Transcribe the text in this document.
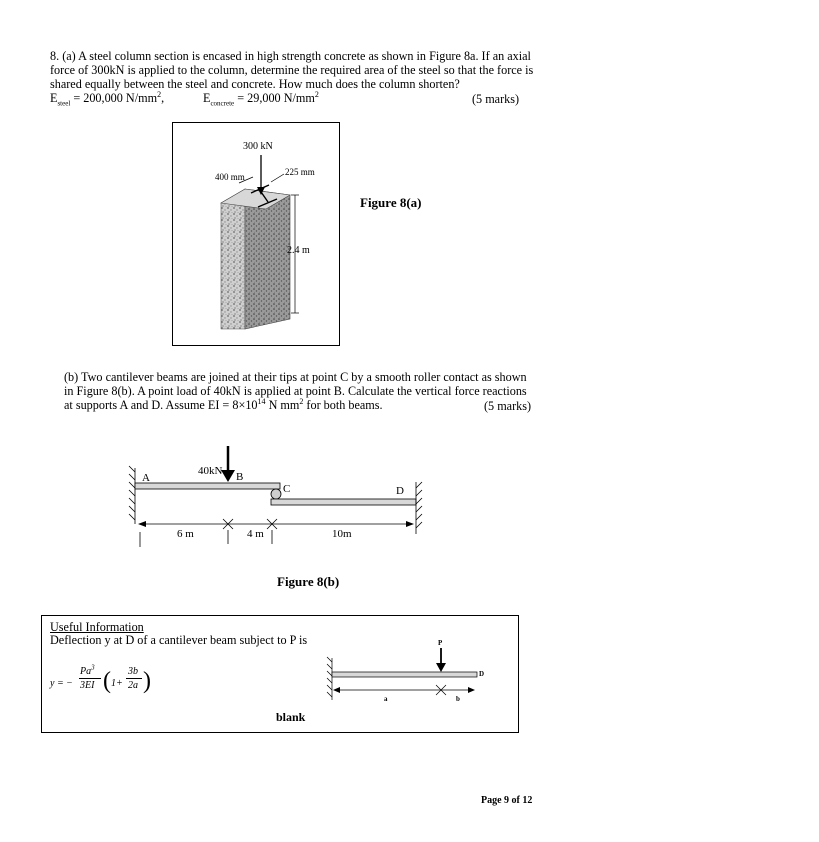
8. (a) A steel column section is encased in high strength concrete as shown in Figure 8a. If an axial
force of 300kN is applied to the column, determine the required area of the steel so that the force is
shared equally between the steel and concrete. How much does the column shorten?
$E_{steel} = 200,000$ $N/mm^2$,	$E_{concrete} = 29,000$ $N/mm^2$	(5 marks)
300 kN
400 mm	225 mm
2.4 m
Figure 8(a)
(b) Two cantilever beams are joined at their tips at point C by a smooth roller contact as shown
in Figure 8(b). A point load of 40kN is applied at point B. Calculate the vertical force reactions
at supports A and D. Assume EI = $8\times 10^{14}$ N $mm^2$ for both beams.	(5 marks)
40kN
A	B
C	D
6 m	4 m	10m
Figure 8(b)
Useful Information
Deflection y at D of a cantilever beam subject to P is
y = −
$Pa^3$
3EI ( 1+
3b
2a )
P
D
a	b
blank
Page 9 of 12
